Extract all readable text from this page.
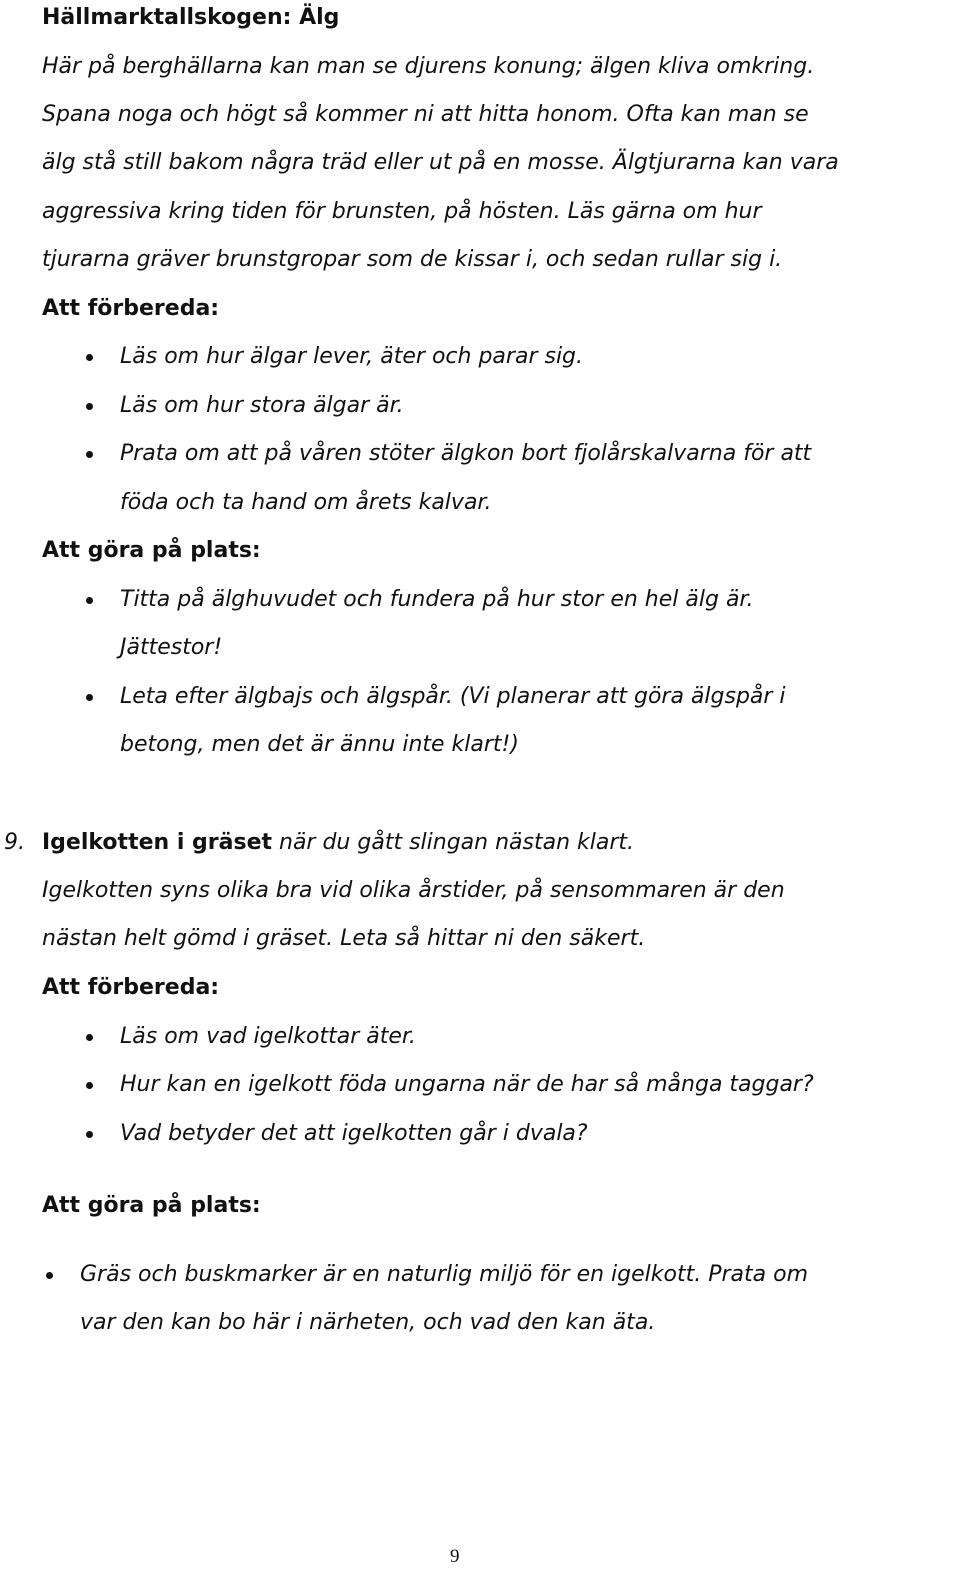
Hällmarktallskogen: Älg
Här på berghällarna kan man se djurens konung; älgen kliva omkring.
Spana noga och högt så kommer ni att hitta honom. Ofta kan man se
älg stå still bakom några träd eller ut på en mosse. Älgtjurarna kan vara
aggressiva kring tiden för brunsten, på hösten. Läs gärna om hur
tjurarna gräver brunstgropar som de kissar i, och sedan rullar sig i.
Att förbereda:
Läs om hur älgar lever, äter och parar sig.
Läs om hur stora älgar är.
Prata om att på våren stöter älgkon bort fjolårskalvarna för att
föda och ta hand om årets kalvar.
Att göra på plats:
Titta på älghuvudet och fundera på hur stor en hel älg är.
Jättestor!
Leta efter älgbajs och älgspår. (Vi planerar att göra älgspår i
betong, men det är ännu inte klart!)
9. Igelkotten i gräset när du gått slingan nästan klart.
Igelkotten syns olika bra vid olika årstider, på sensommaren är den
nästan helt gömd i gräset. Leta så hittar ni den säkert.
Att förbereda:
Läs om vad igelkottar äter.
Hur kan en igelkott föda ungarna när de har så många taggar?
Vad betyder det att igelkotten går i dvala?
Att göra på plats:
Gräs och buskmarker är en naturlig miljö för en igelkott. Prata om
var den kan bo här i närheten, och vad den kan äta.
9
